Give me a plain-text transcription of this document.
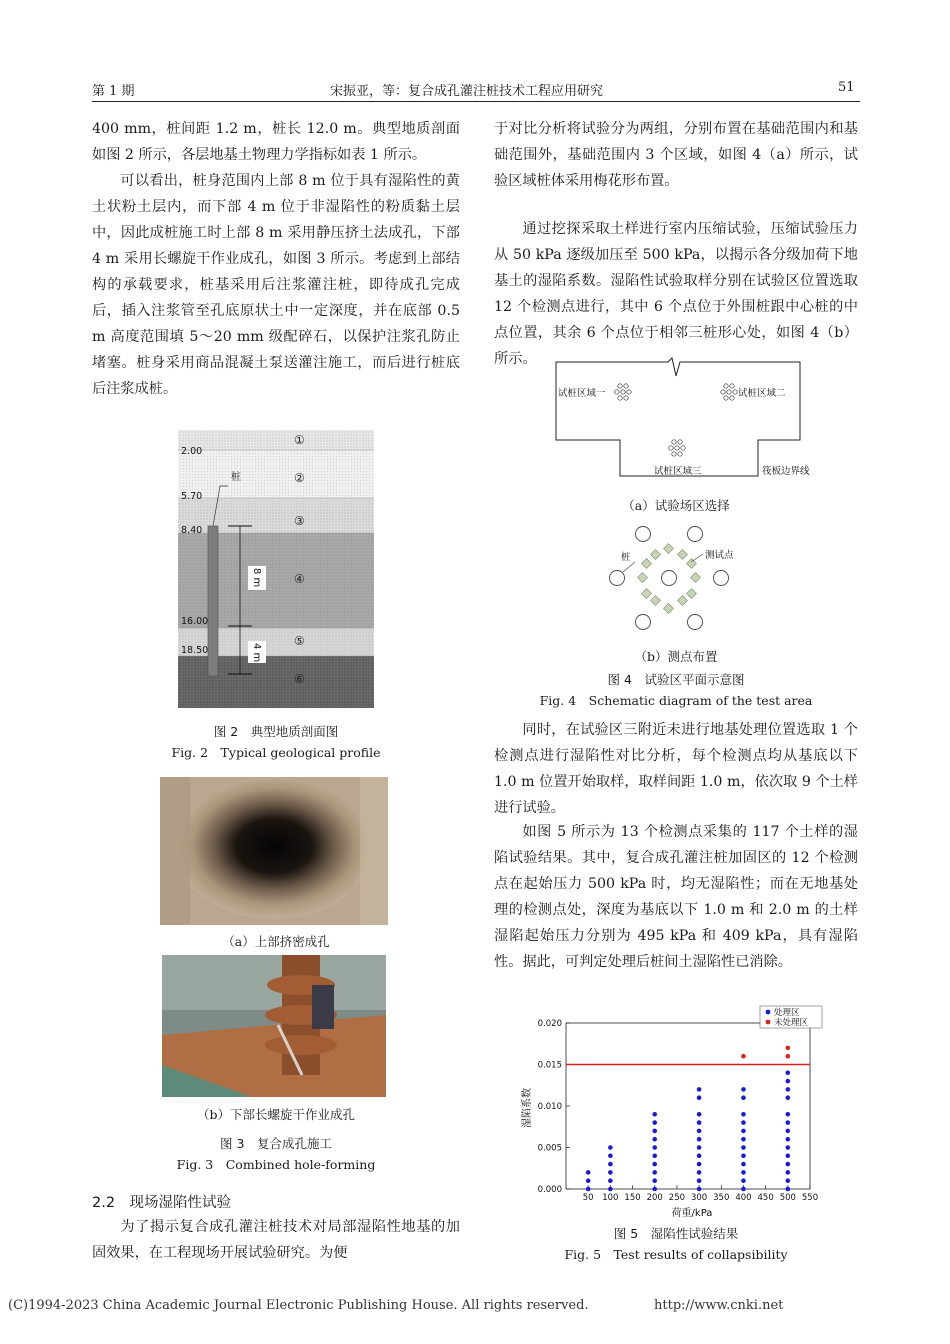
第 1 期	宋振亚，等：复合成孔灌注桩技术工程应用研究	51
400 mm，桩间距 1.2 m，桩长 12.0 m。典型地质剖面如图 2 所示，各层地基土物理力学指标如表 1 所示。
可以看出，桩身范围内上部 8 m 位于具有湿陷性的黄土状粉土层内，而下部 4 m 位于非湿陷性的粉质黏土层中，因此成桩施工时上部 8 m 采用静压挤土法成孔，下部 4 m 采用长螺旋干作业成孔，如图 3 所示。考虑到上部结构的承载要求，桩基采用后注浆灌注桩，即待成孔完成后，插入注浆管至孔底原状土中一定深度，并在底部 0.5 m 高度范围填 5～20 mm 级配碎石，以保护注浆孔防止堵塞。桩身采用商品混凝土泵送灌注施工，而后进行桩底后注浆成桩。
2.00
5.70
8.40
16.00
18.50
①
②
③
④
⑤
⑥
桩
8 m
4 m
图 2　典型地质剖面图
Fig. 2　Typical geological profile
（a）上部挤密成孔
（b）下部长螺旋干作业成孔
图 3　复合成孔施工
Fig. 3　Combined hole-forming
2.2　现场湿陷性试验
为了揭示复合成孔灌注桩技术对局部湿陷性地基的加固效果，在工程现场开展试验研究。为便
于对比分析将试验分为两组，分别布置在基础范围内和基础范围外，基础范围内 3 个区域，如图 4（a）所示，试验区域桩体采用梅花形布置。
通过挖探采取土样进行室内压缩试验，压缩试验压力从 50 kPa 逐级加压至 500 kPa，以揭示各分级加荷下地基土的湿陷系数。湿陷性试验取样分别在试验区位置选取 12 个检测点进行，其中 6 个点位于外围桩跟中心桩的中点位置，其余 6 个点位于相邻三桩形心处，如图 4（b）所示。
试桩区域一	试桩区域二
试桩区域三	筏板边界线
（a）试验场区选择
桩	测试点
（b）测点布置
图 4　试验区平面示意图
Fig. 4　Schematic diagram of the test area
同时，在试验区三附近未进行地基处理位置选取 1 个检测点进行湿陷性对比分析，每个检测点均从基底以下 1.0 m 位置开始取样，取样间距 1.0 m，依次取 9 个土样进行试验。
如图 5 所示为 13 个检测点采集的 117 个土样的湿陷试验结果。其中，复合成孔灌注桩加固区的 12 个检测点在起始压力 500 kPa 时，均无湿陷性；而在无地基处理的检测点处，深度为基底以下 1.0 m 和 2.0 m 的土样湿陷起始压力分别为 495 kPa 和 409 kPa，具有湿陷性。据此，可判定处理后桩间土湿陷性已消除。
0.000
0.005
0.010
0.015
0.020
50 100 150 200 250 300 350 400 450 500 550
荷重/kPa
湿陷系数
处理区
未处理区
图 5　湿陷性试验结果
Fig. 5　Test results of collapsibility
(C)1994-2023 China Academic Journal Electronic Publishing House. All rights reserved.	http://www.cnki.net
